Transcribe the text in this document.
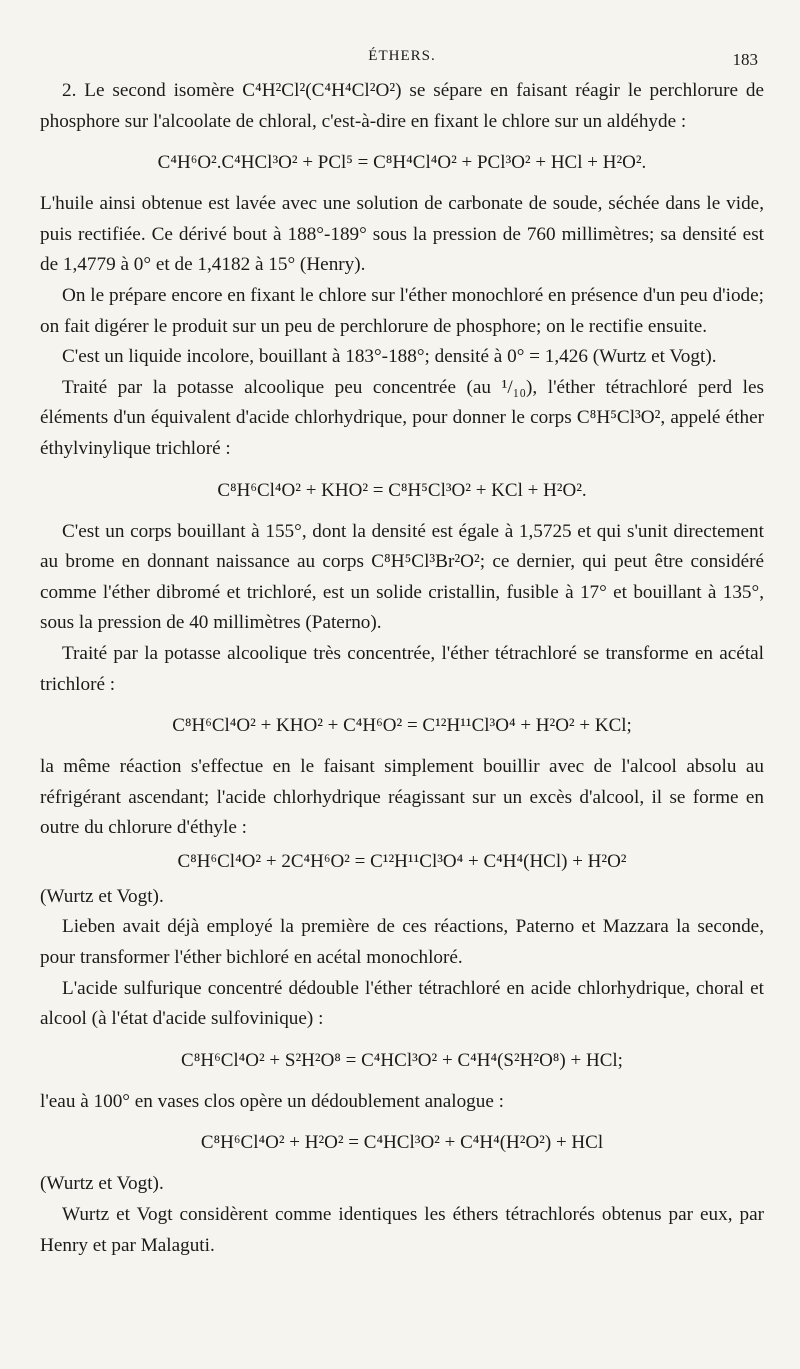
ÉTHERS.	183

2. Le second isomère C⁴H²Cl²(C⁴H⁴Cl²O²) se sépare en faisant réagir le perchlorure de phosphore sur l'alcoolate de chloral, c'est-à-dire en fixant le chlore sur un aldéhyde :

C⁴H⁶O².C⁴HCl³O² + PCl⁵ = C⁸H⁴Cl⁴O² + PCl³O² + HCl + H²O².

L'huile ainsi obtenue est lavée avec une solution de carbonate de soude, séchée dans le vide, puis rectifiée. Ce dérivé bout à 188°-189° sous la pression de 760 millimètres; sa densité est de 1,4779 à 0° et de 1,4182 à 15° (Henry).

On le prépare encore en fixant le chlore sur l'éther monochloré en présence d'un peu d'iode; on fait digérer le produit sur un peu de perchlorure de phosphore; on le rectifie ensuite.

C'est un liquide incolore, bouillant à 183°-188°; densité à 0° = 1,426 (Wurtz et Vogt).

Traité par la potasse alcoolique peu concentrée (au ¹/₁₀), l'éther tétrachloré perd les éléments d'un équivalent d'acide chlorhydrique, pour donner le corps C⁸H⁵Cl³O², appelé éther éthylvinylique trichloré :

C⁸H⁶Cl⁴O² + KHO² = C⁸H⁵Cl³O² + KCl + H²O².

C'est un corps bouillant à 155°, dont la densité est égale à 1,5725 et qui s'unit directement au brome en donnant naissance au corps C⁸H⁵Cl³Br²O²; ce dernier, qui peut être considéré comme l'éther dibromé et trichloré, est un solide cristallin, fusible à 17° et bouillant à 135°, sous la pression de 40 millimètres (Paterno).

Traité par la potasse alcoolique très concentrée, l'éther tétrachloré se transforme en acétal trichloré :

C⁸H⁶Cl⁴O² + KHO² + C⁴H⁶O² = C¹²H¹¹Cl³O⁴ + H²O² + KCl;

la même réaction s'effectue en le faisant simplement bouillir avec de l'alcool absolu au réfrigérant ascendant; l'acide chlorhydrique réagissant sur un excès d'alcool, il se forme en outre du chlorure d'éthyle :

C⁸H⁶Cl⁴O² + 2C⁴H⁶O² = C¹²H¹¹Cl³O⁴ + C⁴H⁴(HCl) + H²O²

(Wurtz et Vogt).

Lieben avait déjà employé la première de ces réactions, Paterno et Mazzara la seconde, pour transformer l'éther bichloré en acétal monochloré.

L'acide sulfurique concentré dédouble l'éther tétrachloré en acide chlorhydrique, choral et alcool (à l'état d'acide sulfovinique) :

C⁸H⁶Cl⁴O² + S²H²O⁸ = C⁴HCl³O² + C⁴H⁴(S²H²O⁸) + HCl;

l'eau à 100° en vases clos opère un dédoublement analogue :

C⁸H⁶Cl⁴O² + H²O² = C⁴HCl³O² + C⁴H⁴(H²O²) + HCl

(Wurtz et Vogt).

Wurtz et Vogt considèrent comme identiques les éthers tétrachlorés obtenus par eux, par Henry et par Malaguti.
